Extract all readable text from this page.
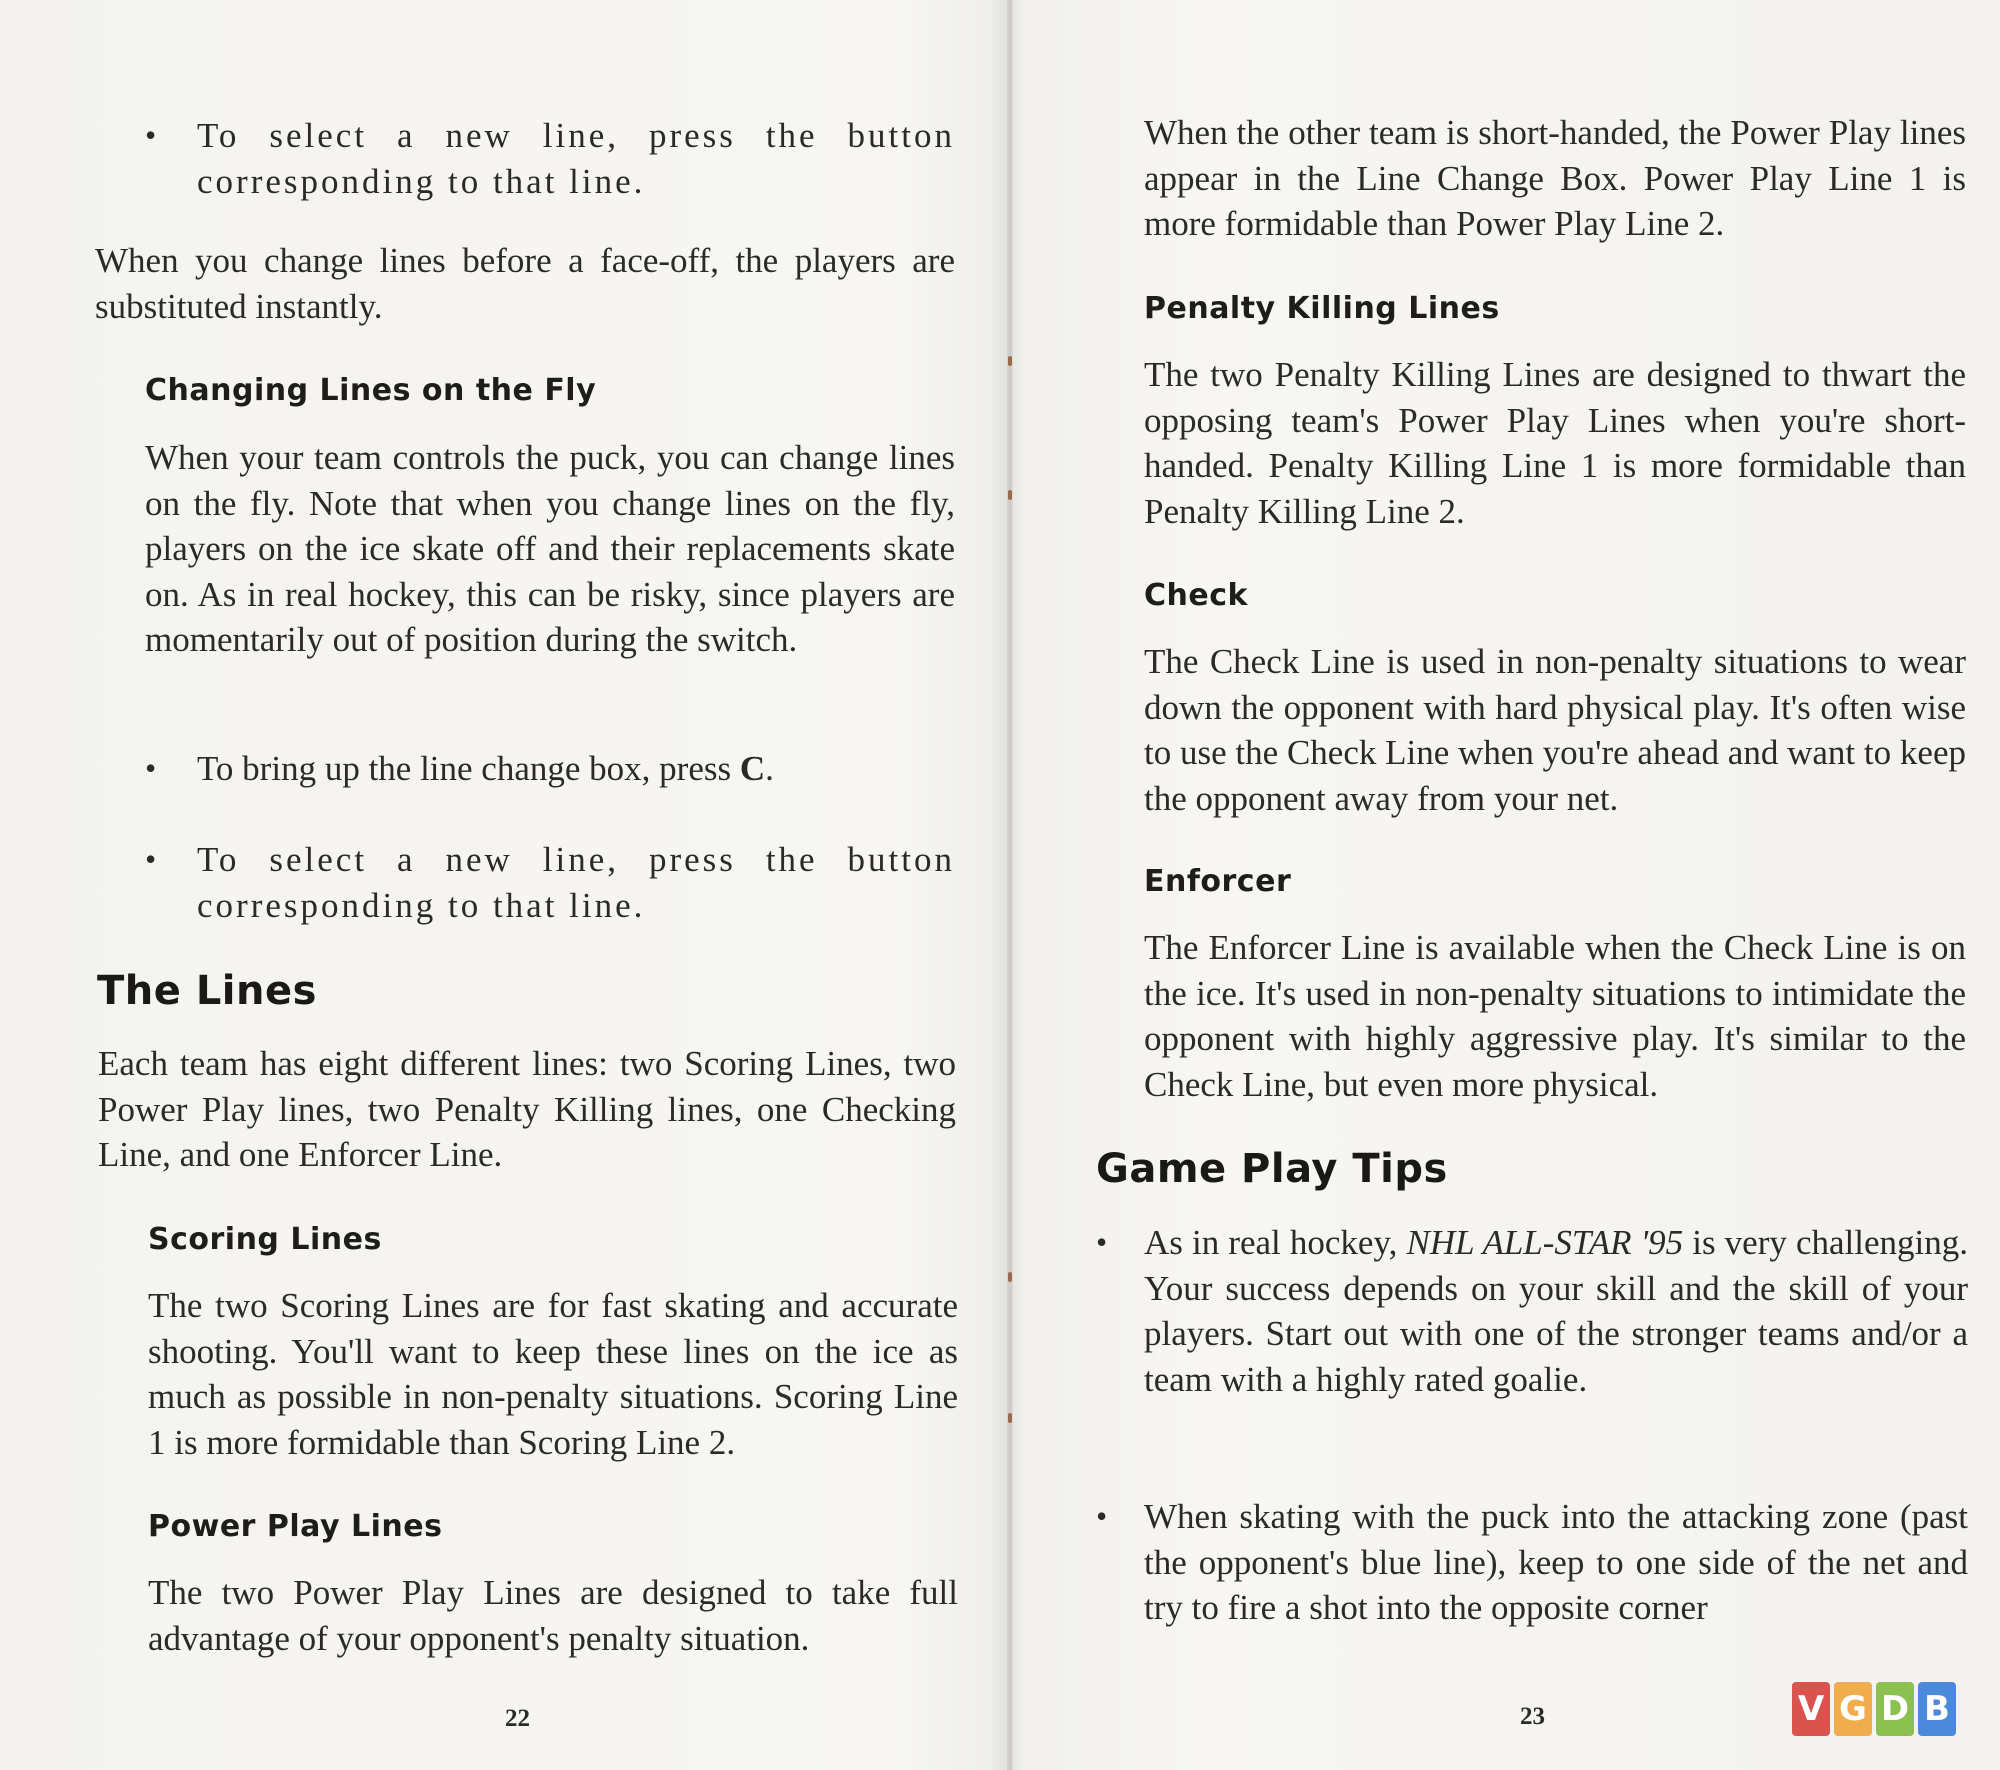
•	To select a new line, press the button corresponding to that line.
When you change lines before a face-off, the players are substituted instantly.
Changing Lines on the Fly
When your team controls the puck, you can change lines on the fly. Note that when you change lines on the fly, players on the ice skate off and their replacements skate on. As in real hockey, this can be risky, since players are momentarily out of position during the switch.
•	To bring up the line change box, press C.
•	To select a new line, press the button corresponding to that line.
The Lines
Each team has eight different lines: two Scoring Lines, two Power Play lines, two Penalty Killing lines, one Checking Line, and one Enforcer Line.
Scoring Lines
The two Scoring Lines are for fast skating and accurate shooting. You'll want to keep these lines on the ice as much as possible in non-penalty situations. Scoring Line 1 is more formidable than Scoring Line 2.
Power Play Lines
The two Power Play Lines are designed to take full advantage of your opponent's penalty situation.
22
When the other team is short-handed, the Power Play lines appear in the Line Change Box. Power Play Line 1 is more formidable than Power Play Line 2.
Penalty Killing Lines
The two Penalty Killing Lines are designed to thwart the opposing team's Power Play Lines when you're short-handed. Penalty Killing Line 1 is more formidable than Penalty Killing Line 2.
Check
The Check Line is used in non-penalty situations to wear down the opponent with hard physical play. It's often wise to use the Check Line when you're ahead and want to keep the opponent away from your net.
Enforcer
The Enforcer Line is available when the Check Line is on the ice. It's used in non-penalty situations to intimidate the opponent with highly aggressive play. It's similar to the Check Line, but even more physical.
Game Play Tips
•	As in real hockey, NHL ALL-STAR '95 is very challenging. Your success depends on your skill and the skill of your players. Start out with one of the stronger teams and/or a team with a highly rated goalie.
•	When skating with the puck into the attacking zone (past the opponent's blue line), keep to one side of the net and try to fire a shot into the opposite corner
23	V G D B
